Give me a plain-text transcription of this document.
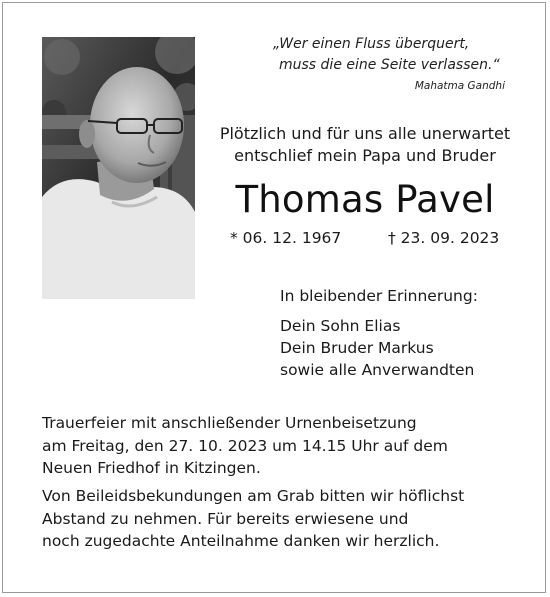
„Wer einen Fluss überquert,
muss die eine Seite verlassen.“
Mahatma Gandhi
Plötzlich und für uns alle unerwartet
entschlief mein Papa und Bruder
Thomas Pavel
* 06. 12. 1967	† 23. 09. 2023
In bleibender Erinnerung:
Dein Sohn Elias
Dein Bruder Markus
sowie alle Anverwandten
Trauerfeier mit anschließender Urnenbeisetzung
am Freitag, den 27. 10. 2023 um 14.15 Uhr auf dem
Neuen Friedhof in Kitzingen.
Von Beileidsbekundungen am Grab bitten wir höflichst
Abstand zu nehmen. Für bereits erwiesene und
noch zugedachte Anteilnahme danken wir herzlich.
